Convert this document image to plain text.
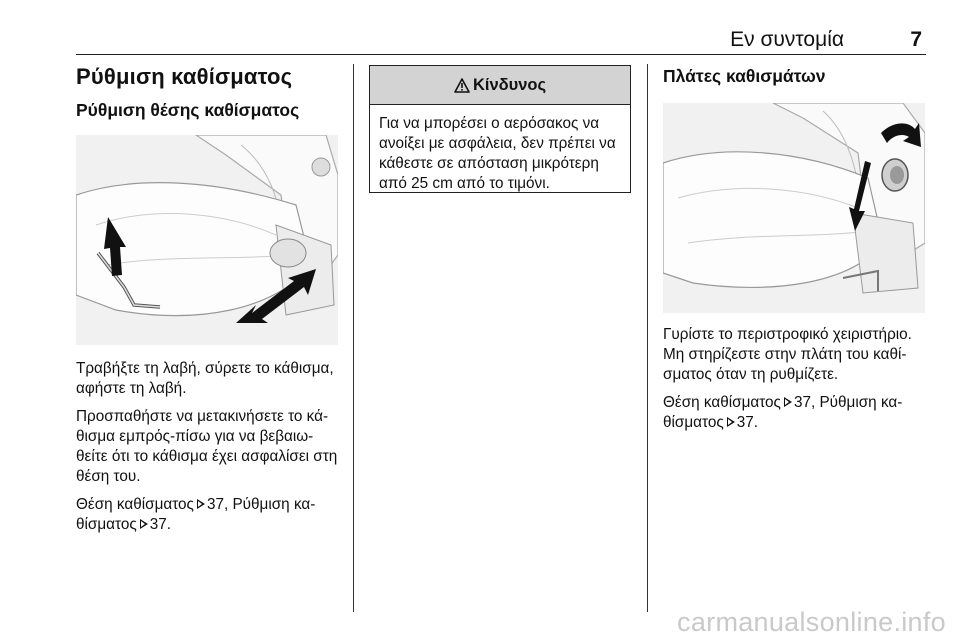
Εν συντομία	7
Ρύθμιση καθίσματος
Ρύθμιση θέσης καθίσματος

Τραβήξτε τη λαβή, σύρετε το κάθισμα, αφήστε τη λαβή.

Προσπαθήστε να μετακινήσετε το κά- θισμα εμπρός-πίσω για να βεβαιω- θείτε ότι το κάθισμα έχει ασφαλίσει στη θέση του.

Θέση καθίσματος 37, Ρύθμιση κα-
θίσματος 37.

Κίνδυνος
Για να μπορέσει ο αερόσακος να ανοίξει με ασφάλεια, δεν πρέπει να κάθεστε σε απόσταση μικρότερη από 25 cm από το τιμόνι.
Πλάτες καθισμάτων

Γυρίστε το περιστροφικό χειριστήριο. Μη στηρίζεστε στην πλάτη του καθί- σματος όταν τη ρυθμίζετε.

Θέση καθίσματος 37, Ρύθμιση κα-
θίσματος 37.

carmanualsonline.info
